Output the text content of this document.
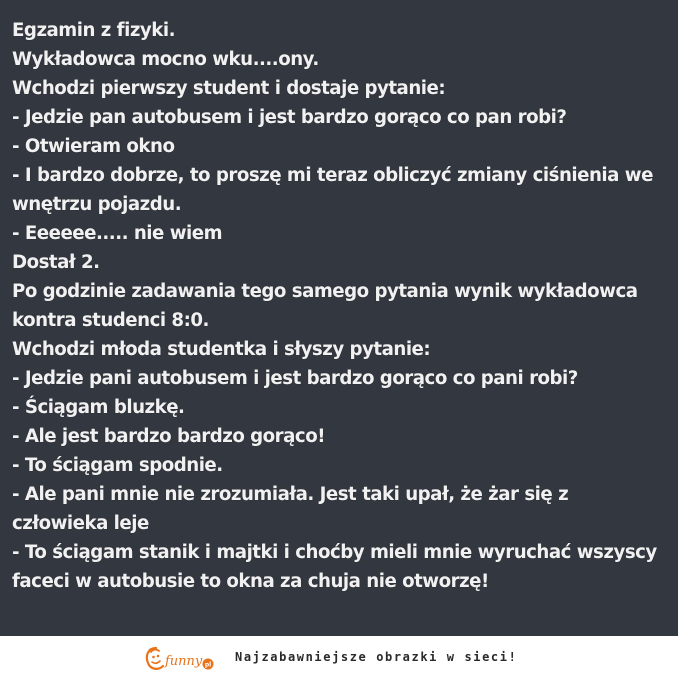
Egzamin z fizyki.
Wykładowca mocno wku....ony.
Wchodzi pierwszy student i dostaje pytanie:
- Jedzie pan autobusem i jest bardzo gorąco co pan robi?
- Otwieram okno
- I bardzo dobrze, to proszę mi teraz obliczyć zmiany ciśnienia we
wnętrzu pojazdu.
- Eeeeee..... nie wiem
Dostał 2.
Po godzinie zadawania tego samego pytania wynik wykładowca
kontra studenci 8:0.
Wchodzi młoda studentka i słyszy pytanie:
- Jedzie pani autobusem i jest bardzo gorąco co pani robi?
- Ściągam bluzkę.
- Ale jest bardzo bardzo gorąco!
- To ściągam spodnie.
- Ale pani mnie nie zrozumiała. Jest taki upał, że żar się z
człowieka leje
- To ściągam stanik i majtki i choćby mieli mnie wyruchać wszyscy
faceci w autobusie to okna za chuja nie otworzę!
funny pl
Najzabawniejsze obrazki w sieci!
